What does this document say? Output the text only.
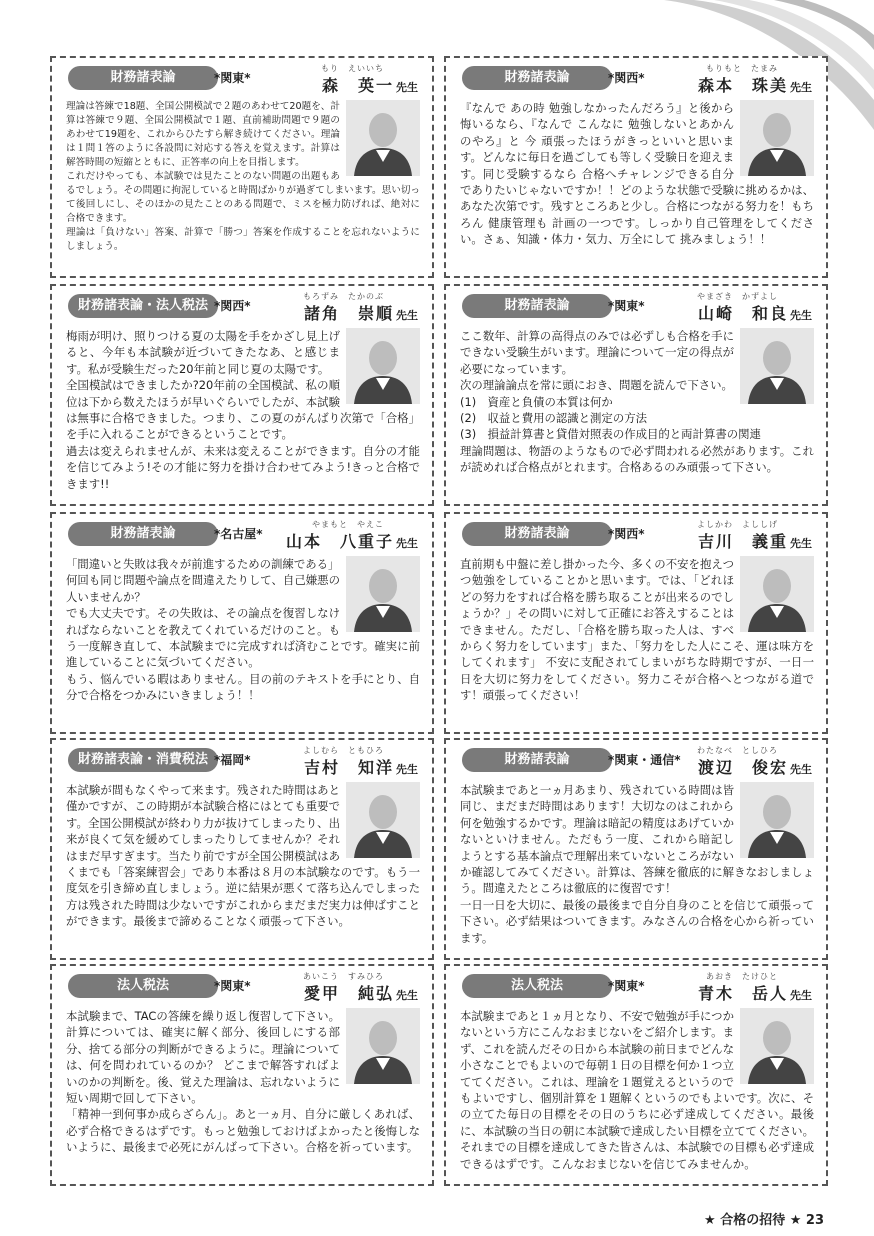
財務諸表論	*関東*
もり　えいいち
森　英一 先生

理論は答練で18題、全国公開模試で２題のあわせて20題を、計算は答練で９題、全国公開模試で１題、直前補助問題で９題のあわせて19題を、これからひたすら解き続けてください。理論は１問１答のように各設問に対応する答えを覚えます。計算は解答時間の短縮とともに、正答率の向上を目指します。

これだけやっても、本試験では見たことのない問題の出題もあるでしょう。その問題に拘泥していると時間ばかりが過ぎてしまいます。思い切って後回しにし、そのほかの見たことのある問題で、ミスを極力防げれば、絶対に合格できます。

理論は「負けない」答案、計算で「勝つ」答案を作成することを忘れないようにしましょう。

財務諸表論	*関西*
もりもと　たまみ
森本　珠美 先生

『なんで あの時 勉強しなかったんだろう』と後から悔いるなら、『なんで こんなに 勉強しないとあかんのやろ』と 今 頑張ったほうがきっといいと思います。どんなに毎日を過ごしても等しく受験日を迎えます。同じ受験するなら 合格へチャレンジできる自分でありたいじゃないですか！！どのような状態で受験に挑めるかは、あなた次第です。残すところあと少し。合格につながる努力を！もちろん 健康管理も 計画の一つです。しっかり自己管理をしてください。さぁ、知識・体力・気力、万全にして 挑みましょう！！

財務諸表論・法人税法 *関西*
もろずみ　たかのぶ
諸角　崇順 先生

梅雨が明け、照りつける夏の太陽を手をかざし見上げると、今年も本試験が近づいてきたなあ、と感じます。私が受験生だった20年前と同じ夏の太陽です。

全国模試はできましたか?20年前の全国模試、私の順位は下から数えたほうが早いぐらいでしたが、本試験は無事に合格できました。つまり、この夏のがんばり次第で「合格」を手に入れることができるということです。

過去は変えられませんが、未来は変えることができます。自分の才能を信じてみよう!その才能に努力を掛け合わせてみよう!きっと合格できます!!

財務諸表論	*関東*
やまざき　かずよし
山崎　和良 先生

ここ数年、計算の高得点のみでは必ずしも合格を手にできない受験生がいます。理論について一定の得点が必要になっています。

次の理論論点を常に頭におき、問題を読んで下さい。

(1)　資産と負債の本質は何か

(2)　収益と費用の認識と測定の方法

(3)　損益計算書と貸借対照表の作成目的と両計算書の関連

理論問題は、物語のようなもので必ず問われる必然があります。これが読めれば合格点がとれます。合格あるのみ頑張って下さい。

財務諸表論	*名古屋*
やまもと　やえこ
山本　八重子 先生

「間違いと失敗は我々が前進するための訓練である」

何回も同じ問題や論点を間違えたりして、自己嫌悪の人いませんか？

でも大丈夫です。その失敗は、その論点を復習しなければならないことを教えてくれているだけのこと。もう一度解き直して、本試験までに完成すれば済むことです。確実に前進していることに気づいてください。

もう、悩んでいる暇はありません。目の前のテキストを手にとり、自分で合格をつかみにいきましょう！！

財務諸表論	*関西*
よしかわ　よししげ
吉川　義重 先生

直前期も中盤に差し掛かった今、多くの不安を抱えつつ勉強をしていることかと思います。では、「どれほどの努力をすれば合格を勝ち取ることが出来るのでしょうか？」その問いに対して正確にお答えすることはできません。ただし、「合格を勝ち取った人は、すべからく努力をしています」また、「努力をした人にこそ、運は味方をしてくれます」 不安に支配されてしまいがちな時期ですが、一日一日を大切に努力をしてください。努力こそが合格へとつながる道です！頑張ってください！

財務諸表論・消費税法 *福岡*
よしむら　ともひろ
吉村　知洋 先生

本試験が間もなくやって来ます。残された時間はあと僅かですが、この時期が本試験合格にはとても重要です。全国公開模試が終わり力が抜けてしまったり、出来が良くて気を緩めてしまったりしてませんか？それはまだ早すぎます。当たり前ですが全国公開模試はあくまでも「答案練習会」であり本番は８月の本試験なのです。もう一度気を引き締め直しましょう。逆に結果が悪くて落ち込んでしまった方は残された時間は少ないですがこれからまだまだ実力は伸ばすことができます。最後まで諦めることなく頑張って下さい。

財務諸表論	*関東・通信*
わたなべ　としひろ
渡辺　俊宏 先生

本試験まであと一ヵ月あまり、残されている時間は皆同じ、まだまだ時間はあります！大切なのはこれから何を勉強するかです。理論は暗記の精度はあげていかないといけません。ただもう一度、これから暗記しようとする基本論点で理解出来ていないところがないか確認してみてください。計算は、答練を徹底的に解きなおしましょう。間違えたところは徹底的に復習です！

一日一日を大切に、最後の最後まで自分自身のことを信じて頑張って下さい。必ず結果はついてきます。みなさんの合格を心から祈っています。

法人税法	*関東*
あいこう　すみひろ
愛甲　純弘 先生

本試験まで、TACの答練を繰り返し復習して下さい。計算については、確実に解く部分、後回しにする部分、捨てる部分の判断ができるように。理論については、何を問われているのか？ どこまで解答すればよいのかの判断を。後、覚えた理論は、忘れないように短い周期で回して下さい。

「精神一到何事か成らざらん」。あと一ヵ月、自分に厳しくあれば、必ず合格できるはずです。もっと勉強しておけばよかったと後悔しないように、最後まで必死にがんばって下さい。合格を祈っています。

法人税法	*関東*
あおき　たけひと
青木　岳人 先生

本試験まであと１ヵ月となり、不安で勉強が手につかないという方にこんなおまじないをご紹介します。まず、これを読んだその日から本試験の前日までどんな小さなことでもよいので毎朝１日の目標を何か１つ立ててください。これは、理論を１題覚えるというのでもよいですし、個別計算を１題解くというのでもよいです。次に、その立てた毎日の目標をその日のうちに必ず達成してください。最後に、本試験の当日の朝に本試験で達成したい目標を立ててください。それまでの目標を達成してきた皆さんは、本試験での目標も必ず達成できるはずです。こんなおまじないを信じてみませんか。

★ 合格の招待 ★ 23
